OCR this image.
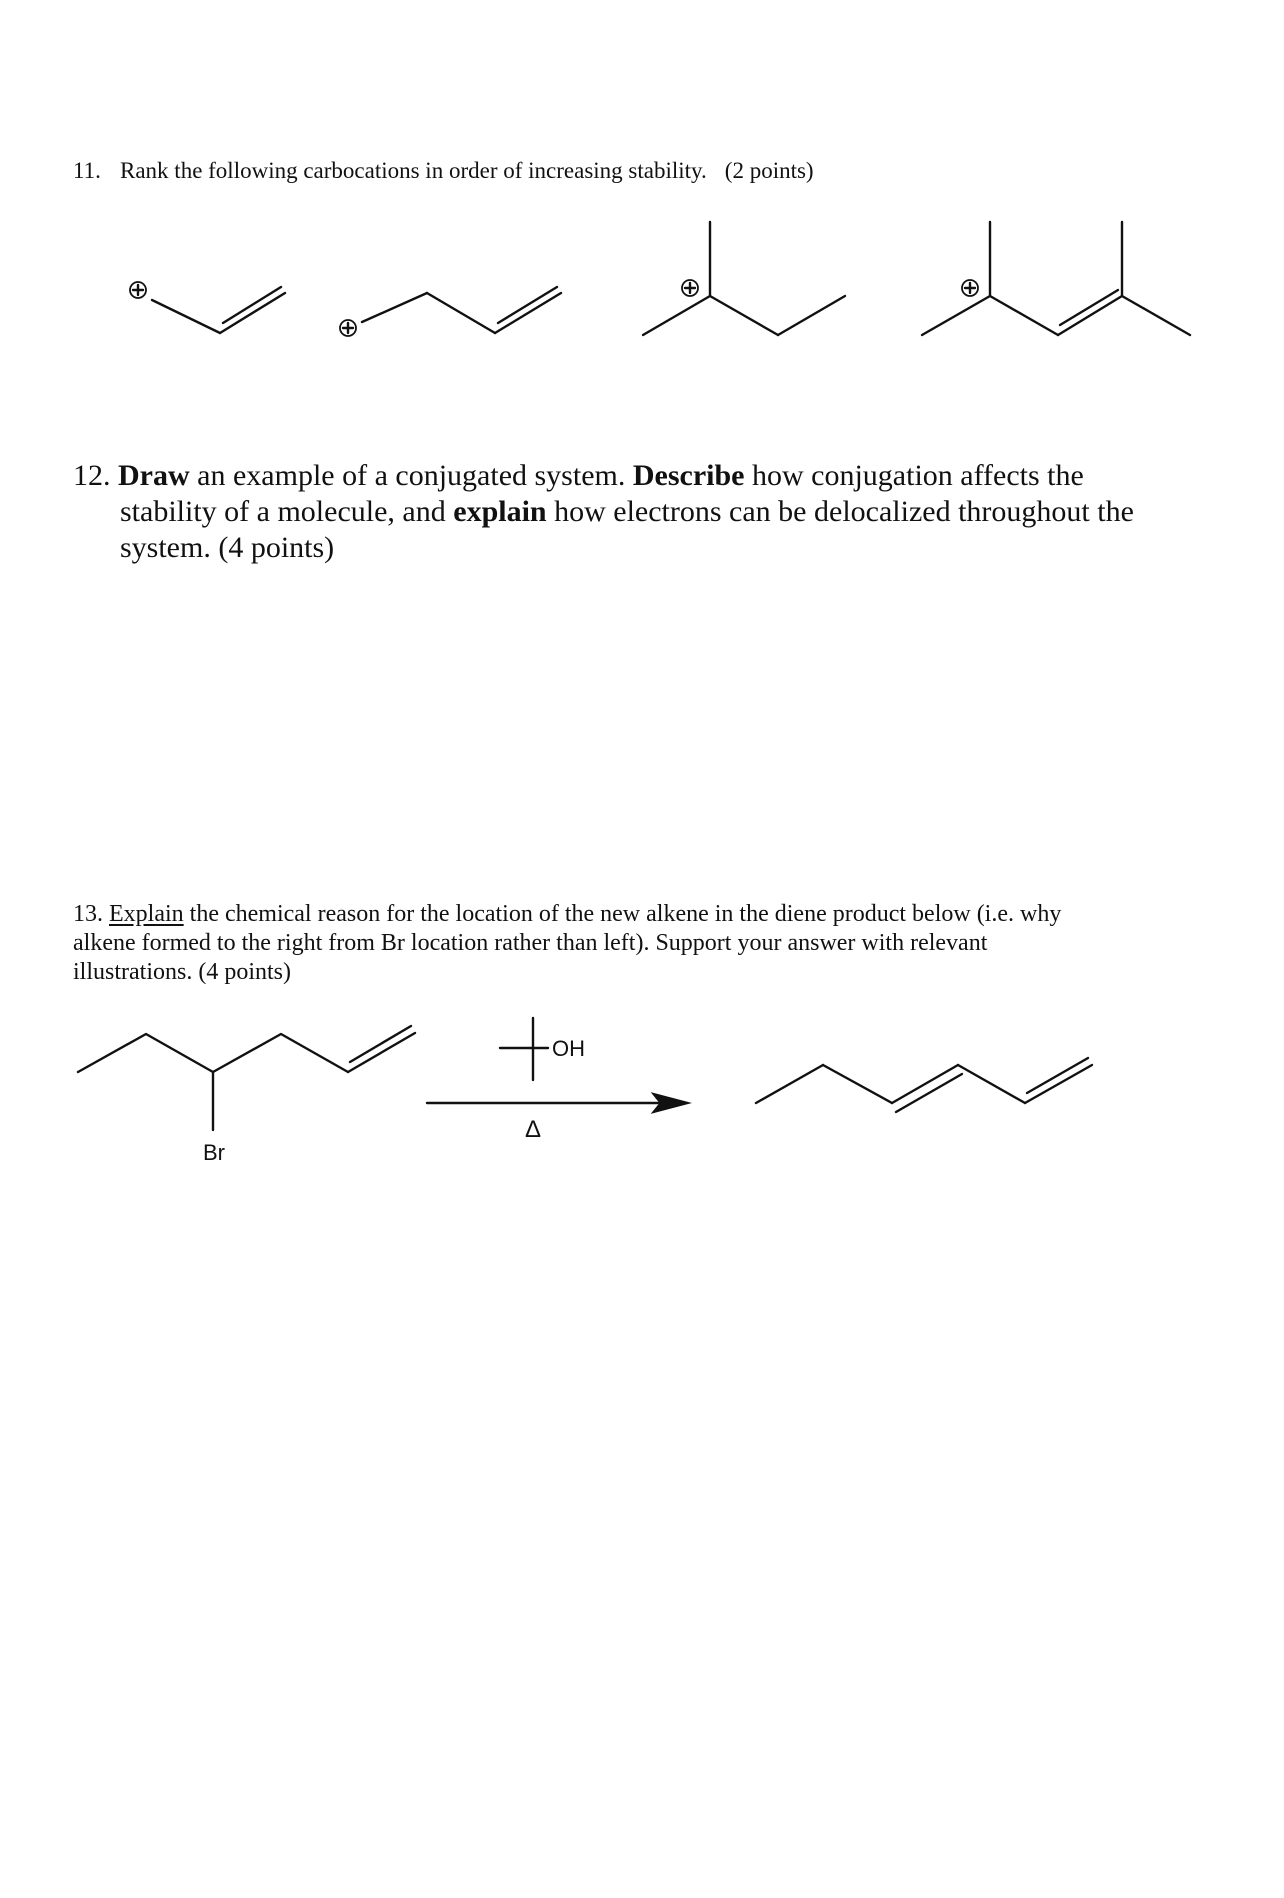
11. Rank the following carbocations in order of increasing stability. (2 points)
12. Draw an example of a conjugated system. Describe how conjugation affects the
stability of a molecule, and explain how electrons can be delocalized throughout the
system. (4 points)
13. Explain the chemical reason for the location of the new alkene in the diene product below (i.e. why
alkene formed to the right from Br location rather than left). Support your answer with relevant
illustrations. (4 points)
Br
OH
Δ
